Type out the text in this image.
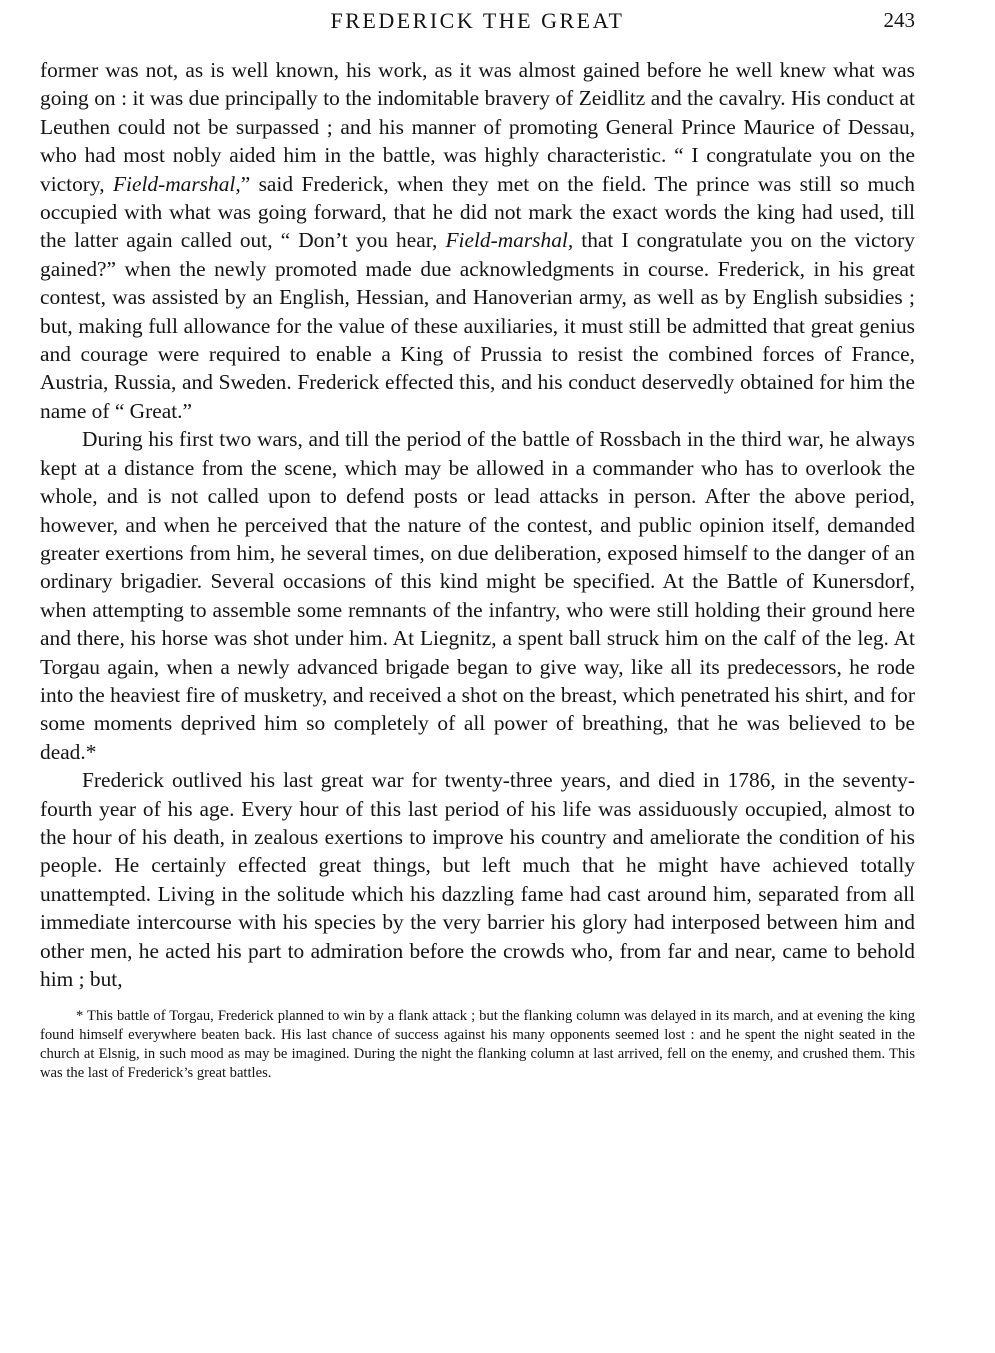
FREDERICK THE GREAT	243

former was not, as is well known, his work, as it was almost gained before he well knew what was going on : it was due principally to the indomitable bravery of Zeidlitz and the cavalry. His conduct at Leuthen could not be surpassed ; and his manner of promoting General Prince Maurice of Dessau, who had most nobly aided him in the battle, was highly characteristic. “ I congratulate you on the victory, Field-marshal,” said Frederick, when they met on the field. The prince was still so much occupied with what was going forward, that he did not mark the exact words the king had used, till the latter again called out, “ Don’t you hear, Field-marshal, that I congratulate you on the victory gained?” when the newly promoted made due acknowledgments in course. Frederick, in his great contest, was assisted by an English, Hessian, and Hanoverian army, as well as by English subsidies ; but, making full allowance for the value of these auxiliaries, it must still be admitted that great genius and courage were required to enable a King of Prussia to resist the combined forces of France, Austria, Russia, and Sweden. Frederick effected this, and his conduct deservedly obtained for him the name of “ Great.”

During his first two wars, and till the period of the battle of Rossbach in the third war, he always kept at a distance from the scene, which may be allowed in a commander who has to overlook the whole, and is not called upon to defend posts or lead attacks in person. After the above period, however, and when he perceived that the nature of the contest, and public opinion itself, demanded greater exertions from him, he several times, on due deliberation, exposed himself to the danger of an ordinary brigadier. Several occasions of this kind might be specified. At the Battle of Kunersdorf, when attempting to assemble some remnants of the infantry, who were still holding their ground here and there, his horse was shot under him. At Liegnitz, a spent ball struck him on the calf of the leg. At Torgau again, when a newly advanced brigade began to give way, like all its predecessors, he rode into the heaviest fire of musketry, and received a shot on the breast, which penetrated his shirt, and for some moments deprived him so completely of all power of breathing, that he was believed to be dead.*

Frederick outlived his last great war for twenty-three years, and died in 1786, in the seventy-fourth year of his age. Every hour of this last period of his life was assiduously occupied, almost to the hour of his death, in zealous exertions to improve his country and ameliorate the condition of his people. He certainly effected great things, but left much that he might have achieved totally unattempted. Living in the solitude which his dazzling fame had cast around him, separated from all immediate intercourse with his species by the very barrier his glory had interposed between him and other men, he acted his part to admiration before the crowds who, from far and near, came to behold him ; but,

* This battle of Torgau, Frederick planned to win by a flank attack ; but the flanking column was delayed in its march, and at evening the king found himself everywhere beaten back. His last chance of success against his many opponents seemed lost : and he spent the night seated in the church at Elsnig, in such mood as may be imagined. During the night the flanking column at last arrived, fell on the enemy, and crushed them. This was the last of Frederick’s great battles.
